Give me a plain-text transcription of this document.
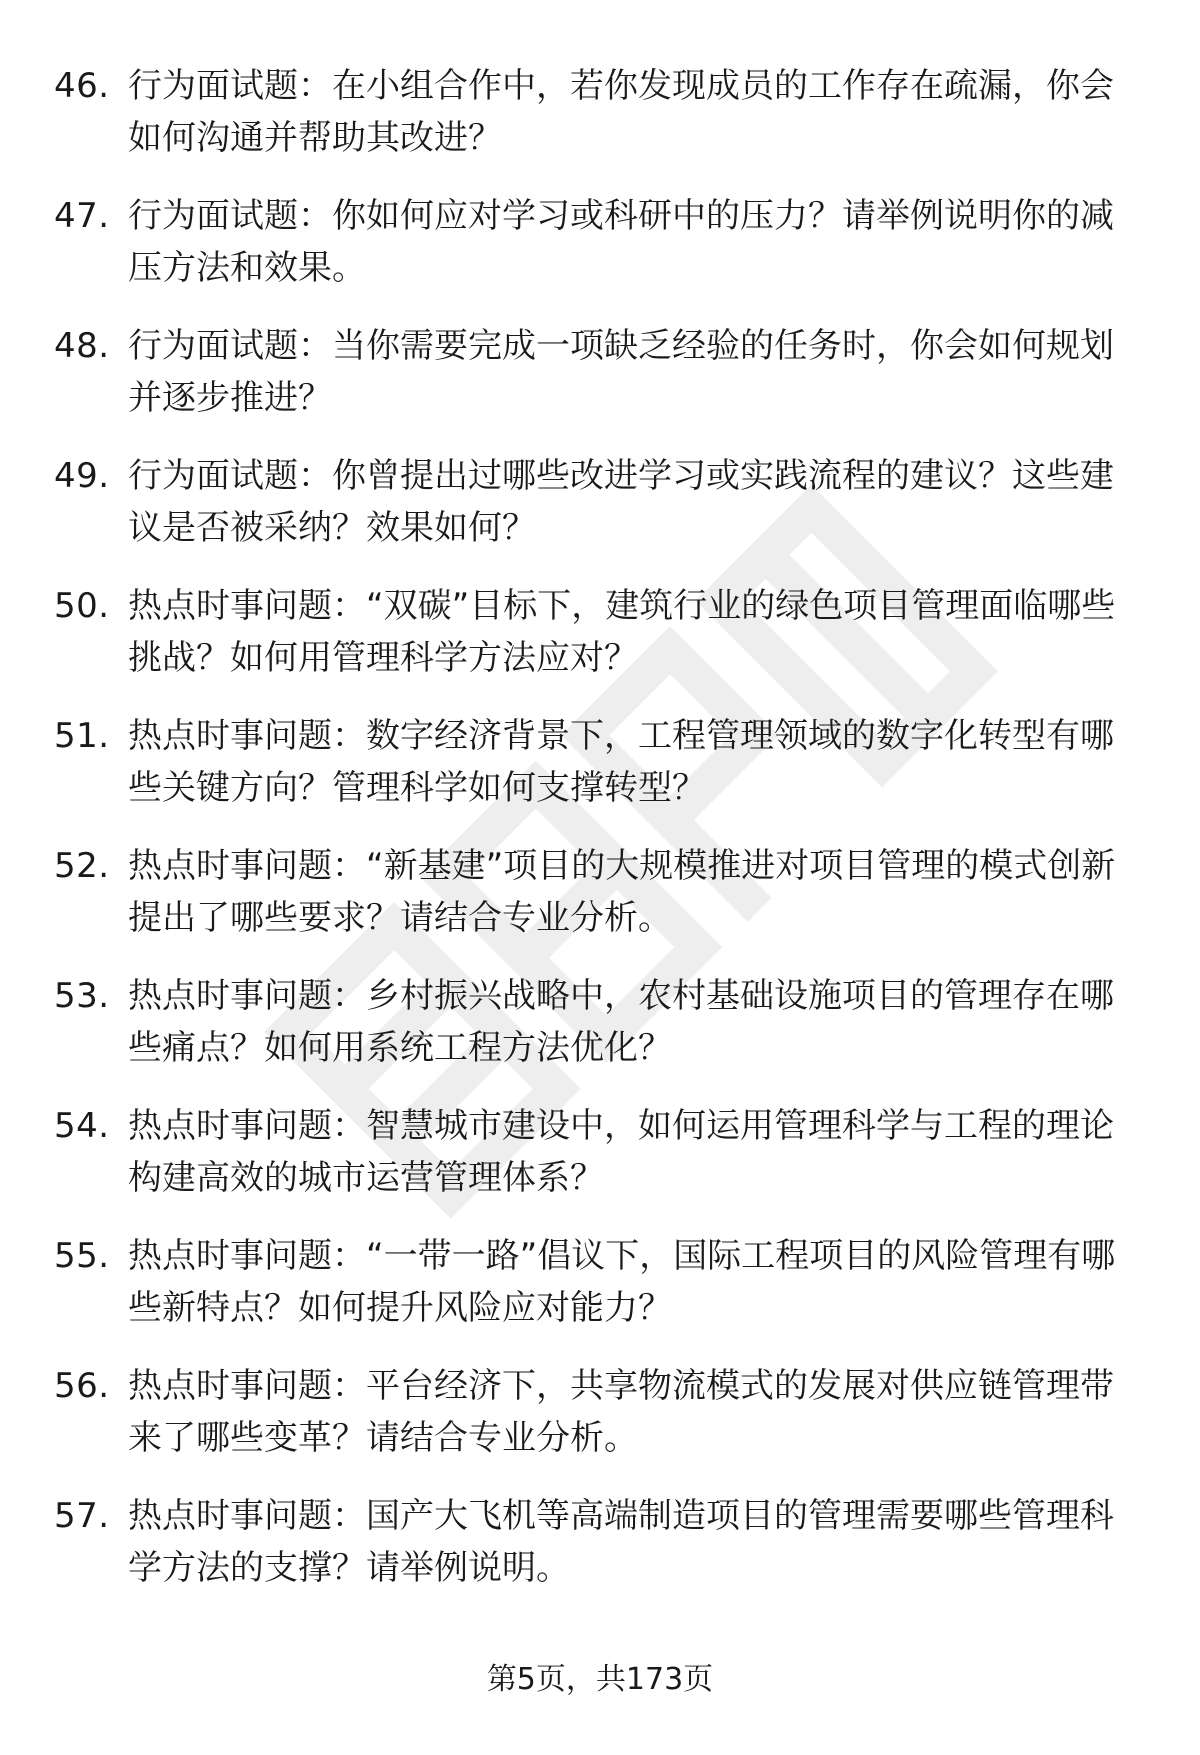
46. 行为面试题：在小组合作中，若你发现成员的工作存在疏漏，你会如何沟通并帮助其改进？
47. 行为面试题：你如何应对学习或科研中的压力？请举例说明你的减压方法和效果。
48. 行为面试题：当你需要完成一项缺乏经验的任务时，你会如何规划并逐步推进？
49. 行为面试题：你曾提出过哪些改进学习或实践流程的建议？这些建议是否被采纳？效果如何？
50. 热点时事问题：“双碳”目标下，建筑行业的绿色项目管理面临哪些挑战？如何用管理科学方法应对？
51. 热点时事问题：数字经济背景下，工程管理领域的数字化转型有哪些关键方向？管理科学如何支撑转型？
52. 热点时事问题：“新基建”项目的大规模推进对项目管理的模式创新提出了哪些要求？请结合专业分析。
53. 热点时事问题：乡村振兴战略中，农村基础设施项目的管理存在哪些痛点？如何用系统工程方法优化？
54. 热点时事问题：智慧城市建设中，如何运用管理科学与工程的理论构建高效的城市运营管理体系？
55. 热点时事问题：“一带一路”倡议下，国际工程项目的风险管理有哪些新特点？如何提升风险应对能力？
56. 热点时事问题：平台经济下，共享物流模式的发展对供应链管理带来了哪些变革？请结合专业分析。
57. 热点时事问题：国产大飞机等高端制造项目的管理需要哪些管理科学方法的支撑？请举例说明。
第5页，共173页
